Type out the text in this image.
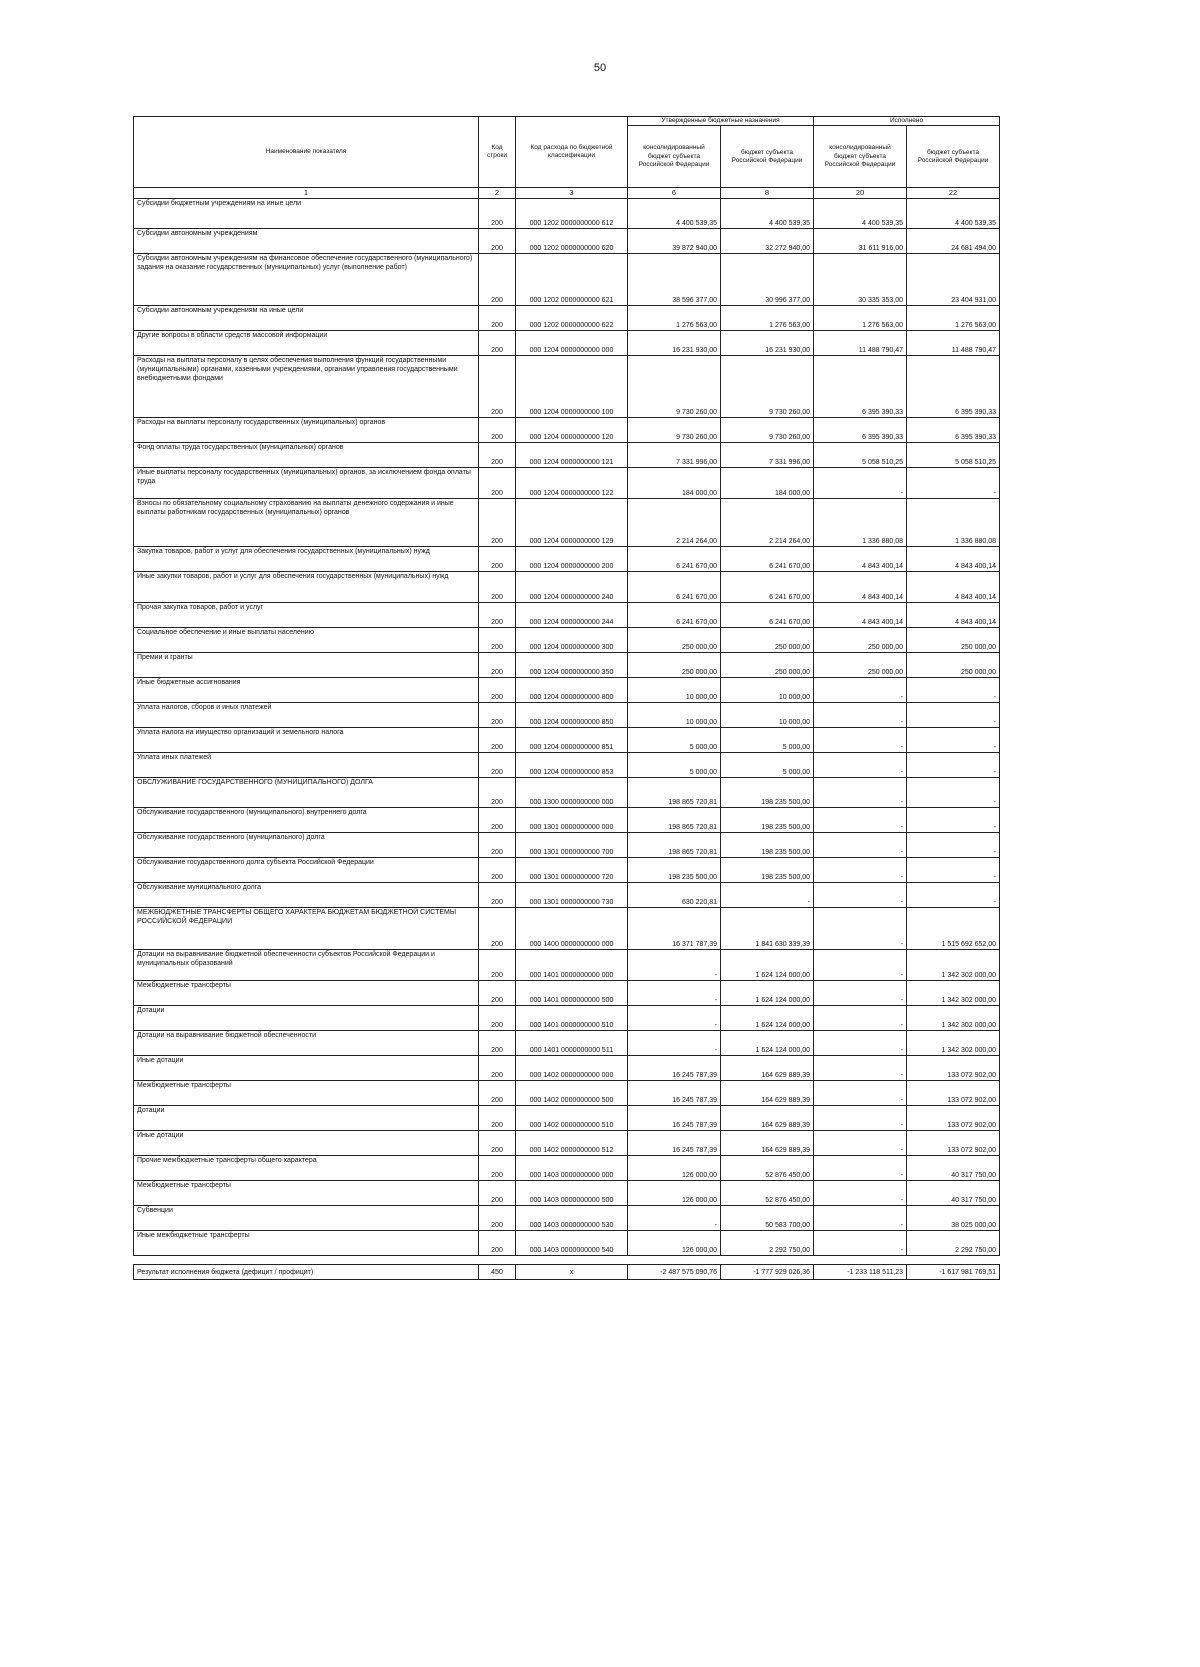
50
Наименование показателя	Код строки	Код расхода по бюджетной классификации	Утвержденные бюджетные назначения		Исполнено	
			консолидированный бюджет субъекта Российской Федерации	бюджет субъекта Российской Федерации	консолидированный бюджет субъекта Российской Федерации	бюджет субъекта Российской Федерации
1	2	3	6	8	20	22
Субсидии бюджетным учреждениям на иные цели	200	000 1202 0000000000 612	4 400 539,35	4 400 539,35	4 400 539,35	4 400 539,35
Субсидии автономным учреждениям	200	000 1202 0000000000 620	39 872 940,00	32 272 940,00	31 611 916,00	24 681 494,00
Субсидии автономным учреждениям на финансовое обеспечение государственного (муниципального) задания на оказание государственных (муниципальных) услуг (выполнение работ)	200	000 1202 0000000000 621	38 596 377,00	30 996 377,00	30 335 353,00	23 404 931,00
Субсидии автономным учреждениям на иные цели	200	000 1202 0000000000 622	1 276 563,00	1 276 563,00	1 276 563,00	1 276 563,00
Другие вопросы в области средств массовой информации	200	000 1204 0000000000 000	16 231 930,00	16 231 930,00	11 488 790,47	11 488 790,47
Расходы на выплаты персоналу в целях обеспечения выполнения функций государственными (муниципальными) органами, казенными учреждениями, органами управления государственными внебюджетными фондами	200	000 1204 0000000000 100	9 730 260,00	9 730 260,00	6 395 390,33	6 395 390,33
Расходы на выплаты персоналу государственных (муниципальных) органов	200	000 1204 0000000000 120	9 730 260,00	9 730 260,00	6 395 390,33	6 395 390,33
Фонд оплаты труда государственных (муниципальных) органов	200	000 1204 0000000000 121	7 331 996,00	7 331 996,00	5 058 510,25	5 058 510,25
Иные выплаты персоналу государственных (муниципальных) органов, за исключением фонда оплаты труда	200	000 1204 0000000000 122	184 000,00	184 000,00	-	-
Взносы по обязательному социальному страхованию на выплаты денежного содержания и иные выплаты работникам государственных (муниципальных) органов	200	000 1204 0000000000 129	2 214 264,00	2 214 264,00	1 336 880,08	1 336 880,08
Закупка товаров, работ и услуг для обеспечения государственных (муниципальных) нужд	200	000 1204 0000000000 200	6 241 670,00	6 241 670,00	4 843 400,14	4 843 400,14
Иные закупки товаров, работ и услуг для обеспечения государственных (муниципальных) нужд	200	000 1204 0000000000 240	6 241 670,00	6 241 670,00	4 843 400,14	4 843 400,14
Прочая закупка товаров, работ и услуг	200	000 1204 0000000000 244	6 241 670,00	6 241 670,00	4 843 400,14	4 843 400,14
Социальное обеспечение и иные выплаты населению	200	000 1204 0000000000 300	250 000,00	250 000,00	250 000,00	250 000,00
Премии и гранты	200	000 1204 0000000000 350	250 000,00	250 000,00	250 000,00	250 000,00
Иные бюджетные ассигнования	200	000 1204 0000000000 800	10 000,00	10 000,00	-	-
Уплата налогов, сборов и иных платежей	200	000 1204 0000000000 850	10 000,00	10 000,00	-	-
Уплата налога на имущество организаций и земельного налога	200	000 1204 0000000000 851	5 000,00	5 000,00	-	-
Уплата иных платежей	200	000 1204 0000000000 853	5 000,00	5 000,00	-	-
ОБСЛУЖИВАНИЕ ГОСУДАРСТВЕННОГО (МУНИЦИПАЛЬНОГО) ДОЛГА	200	000 1300 0000000000 000	198 865 720,81	198 235 500,00	-	-
Обслуживание государственного (муниципального) внутреннего долга	200	000 1301 0000000000 000	198 865 720,81	198 235 500,00	-	-
Обслуживание государственного (муниципального) долга	200	000 1301 0000000000 700	198 865 720,81	198 235 500,00	-	-
Обслуживание государственного долга субъекта Российской Федерации	200	000 1301 0000000000 720	198 235 500,00	198 235 500,00	-	-
Обслуживание муниципального долга	200	000 1301 0000000000 730	630 220,81	-	-	-
МЕЖБЮДЖЕТНЫЕ ТРАНСФЕРТЫ ОБЩЕГО ХАРАКТЕРА БЮДЖЕТАМ БЮДЖЕТНОЙ СИСТЕМЫ РОССИЙСКОЙ ФЕДЕРАЦИИ	200	000 1400 0000000000 000	16 371 787,39	1 841 630 339,39	-	1 515 692 652,00
Дотации на выравнивание бюджетной обеспеченности субъектов Российской Федерации и муниципальных образований	200	000 1401 0000000000 000	-	1 624 124 000,00	-	1 342 302 000,00
Межбюджетные трансферты	200	000 1401 0000000000 500	-	1 624 124 000,00	-	1 342 302 000,00
Дотации	200	000 1401 0000000000 510	-	1 624 124 000,00	-	1 342 302 000,00
Дотации на выравнивание бюджетной обеспеченности	200	000 1401 0000000000 511	-	1 624 124 000,00	-	1 342 302 000,00
Иные дотации	200	000 1402 0000000000 000	16 245 787,39	164 629 889,39	-	133 072 902,00
Межбюджетные трансферты	200	000 1402 0000000000 500	16 245 787,39	164 629 889,39	-	133 072 902,00
Дотации	200	000 1402 0000000000 510	16 245 787,39	164 629 889,39	-	133 072 902,00
Иные дотации	200	000 1402 0000000000 512	16 245 787,39	164 629 889,39	-	133 072 902,00
Прочие межбюджетные трансферты общего характера	200	000 1403 0000000000 000	126 000,00	52 876 450,00	-	40 317 750,00
Межбюджетные трансферты	200	000 1403 0000000000 500	126 000,00	52 876 450,00	-	40 317 750,00
Субвенции	200	000 1403 0000000000 530	-	50 583 700,00	-	38 025 000,00
Иные межбюджетные трансферты	200	000 1403 0000000000 540	126 000,00	2 292 750,00	-	2 292 750,00

Результат исполнения бюджета (дефицит / профицит)	450	x	-2 487 575 090,76	-1 777 929 026,36	-1 233 118 511,23	-1 617 981 769,51
